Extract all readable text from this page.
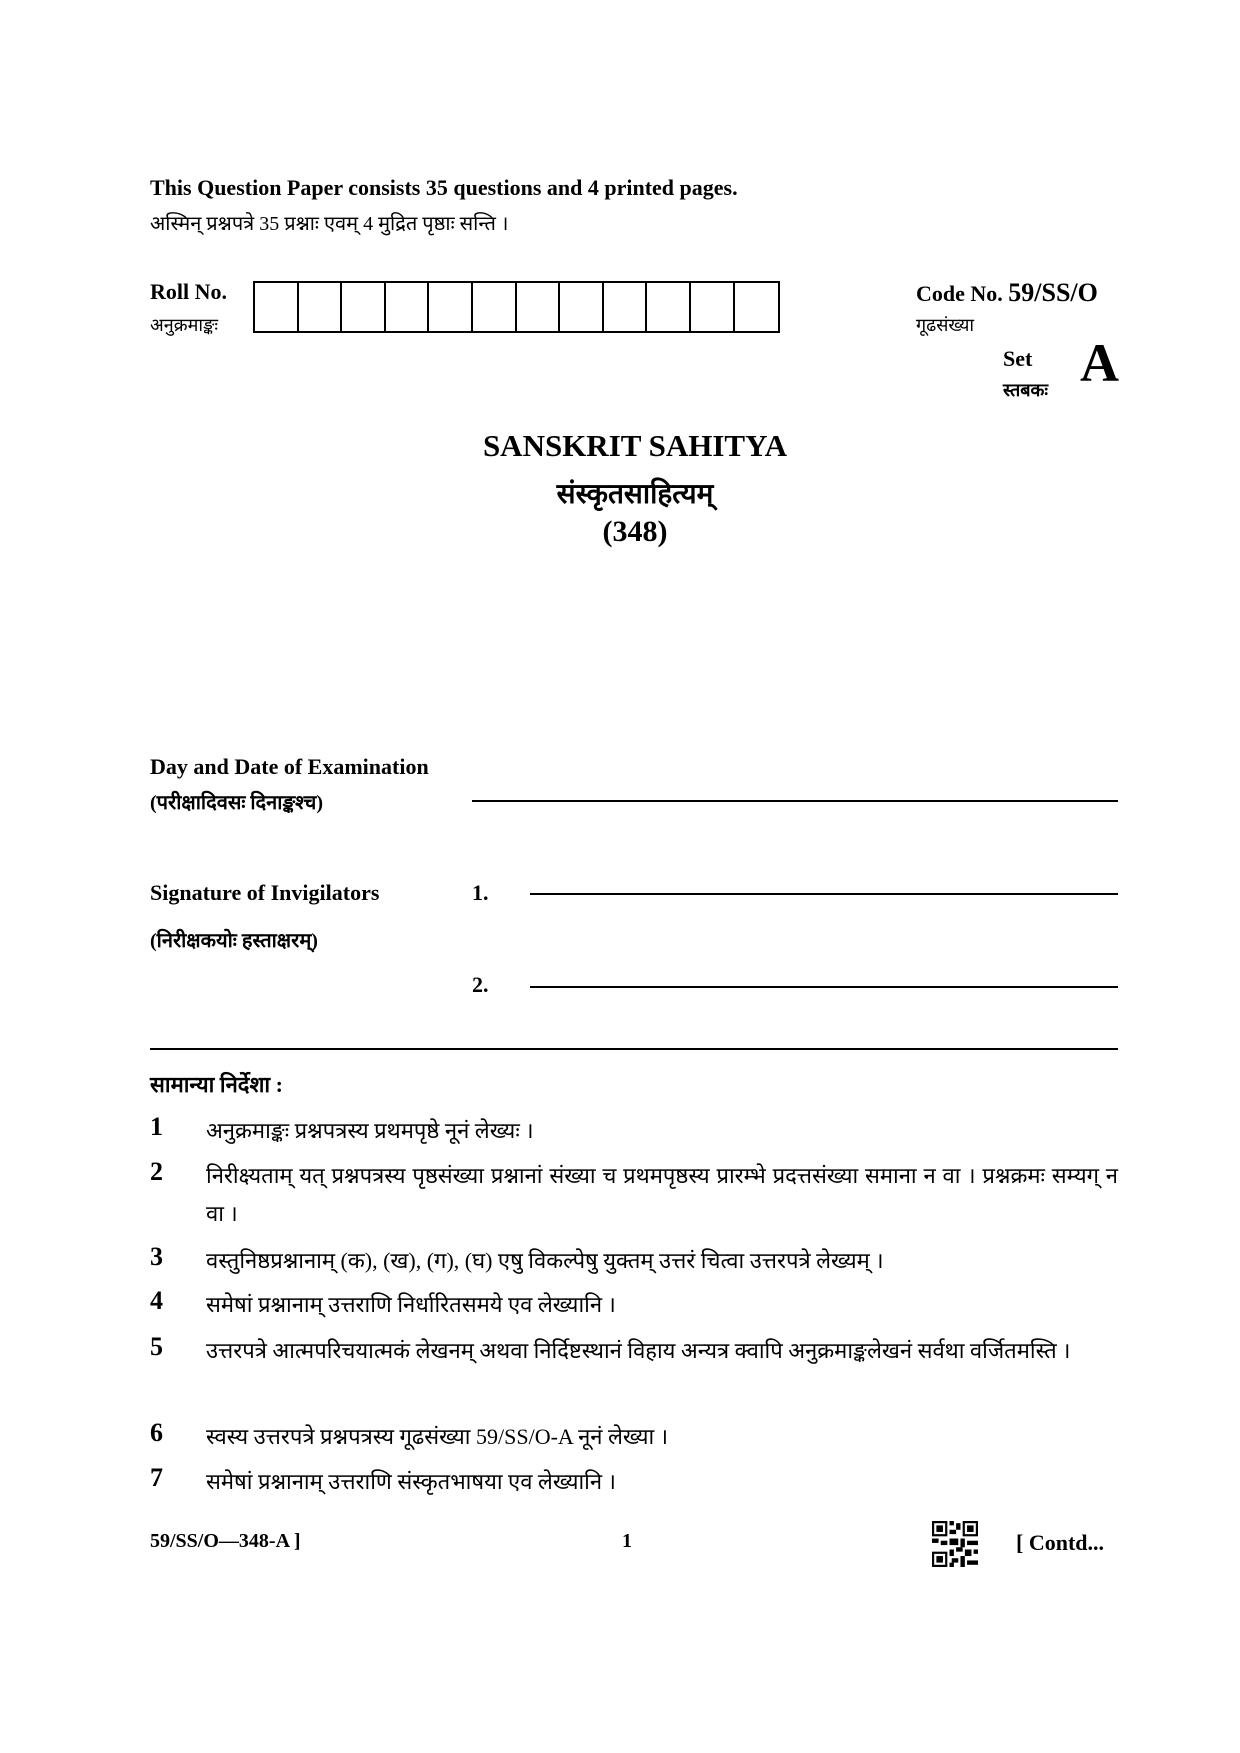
This Question Paper consists 35 questions and 4 printed pages.
अस्मिन् प्रश्नपत्रे 35 प्रश्नाः एवम् 4 मुद्रित पृष्ठाः सन्ति ।
Roll No.
अनुक्रमाङ्कः
Code No. 59/SS/O
गूढसंख्या
Set
स्तबकः A
SANSKRIT SAHITYA
संस्कृतसाहित्यम्
(348)
Day and Date of Examination
(परीक्षादिवसः दिनाङ्कश्च)
Signature of Invigilators
(निरीक्षकयोः हस्ताक्षरम्)
1.
2.
सामान्या निर्देशा :
1 अनुक्रमाङ्कः प्रश्नपत्रस्य प्रथमपृष्ठे नूनं लेख्यः ।
2 निरीक्ष्यताम् यत् प्रश्नपत्रस्य पृष्ठसंख्या प्रश्नानां संख्या च प्रथमपृष्ठस्य प्रारम्भे प्रदत्तसंख्या समाना न वा । प्रश्नक्रमः सम्यग् न वा ।
3 वस्तुनिष्ठप्रश्नानाम् (क), (ख), (ग), (घ) एषु विकल्पेषु युक्तम् उत्तरं चित्वा उत्तरपत्रे लेख्यम् ।
4 समेषां प्रश्नानाम् उत्तराणि निर्धारितसमये एव लेख्यानि ।
5 उत्तरपत्रे आत्मपरिचयात्मकं लेखनम् अथवा निर्दिष्टस्थानं विहाय अन्यत्र क्वापि अनुक्रमाङ्कलेखनं सर्वथा वर्जितमस्ति ।
6 स्वस्य उत्तरपत्रे प्रश्नपत्रस्य गूढसंख्या 59/SS/O-A नूनं लेख्या ।
7 समेषां प्रश्नानाम् उत्तराणि संस्कृतभाषया एव लेख्यानि ।
59/SS/O—348-A ]	1	[ Contd...
